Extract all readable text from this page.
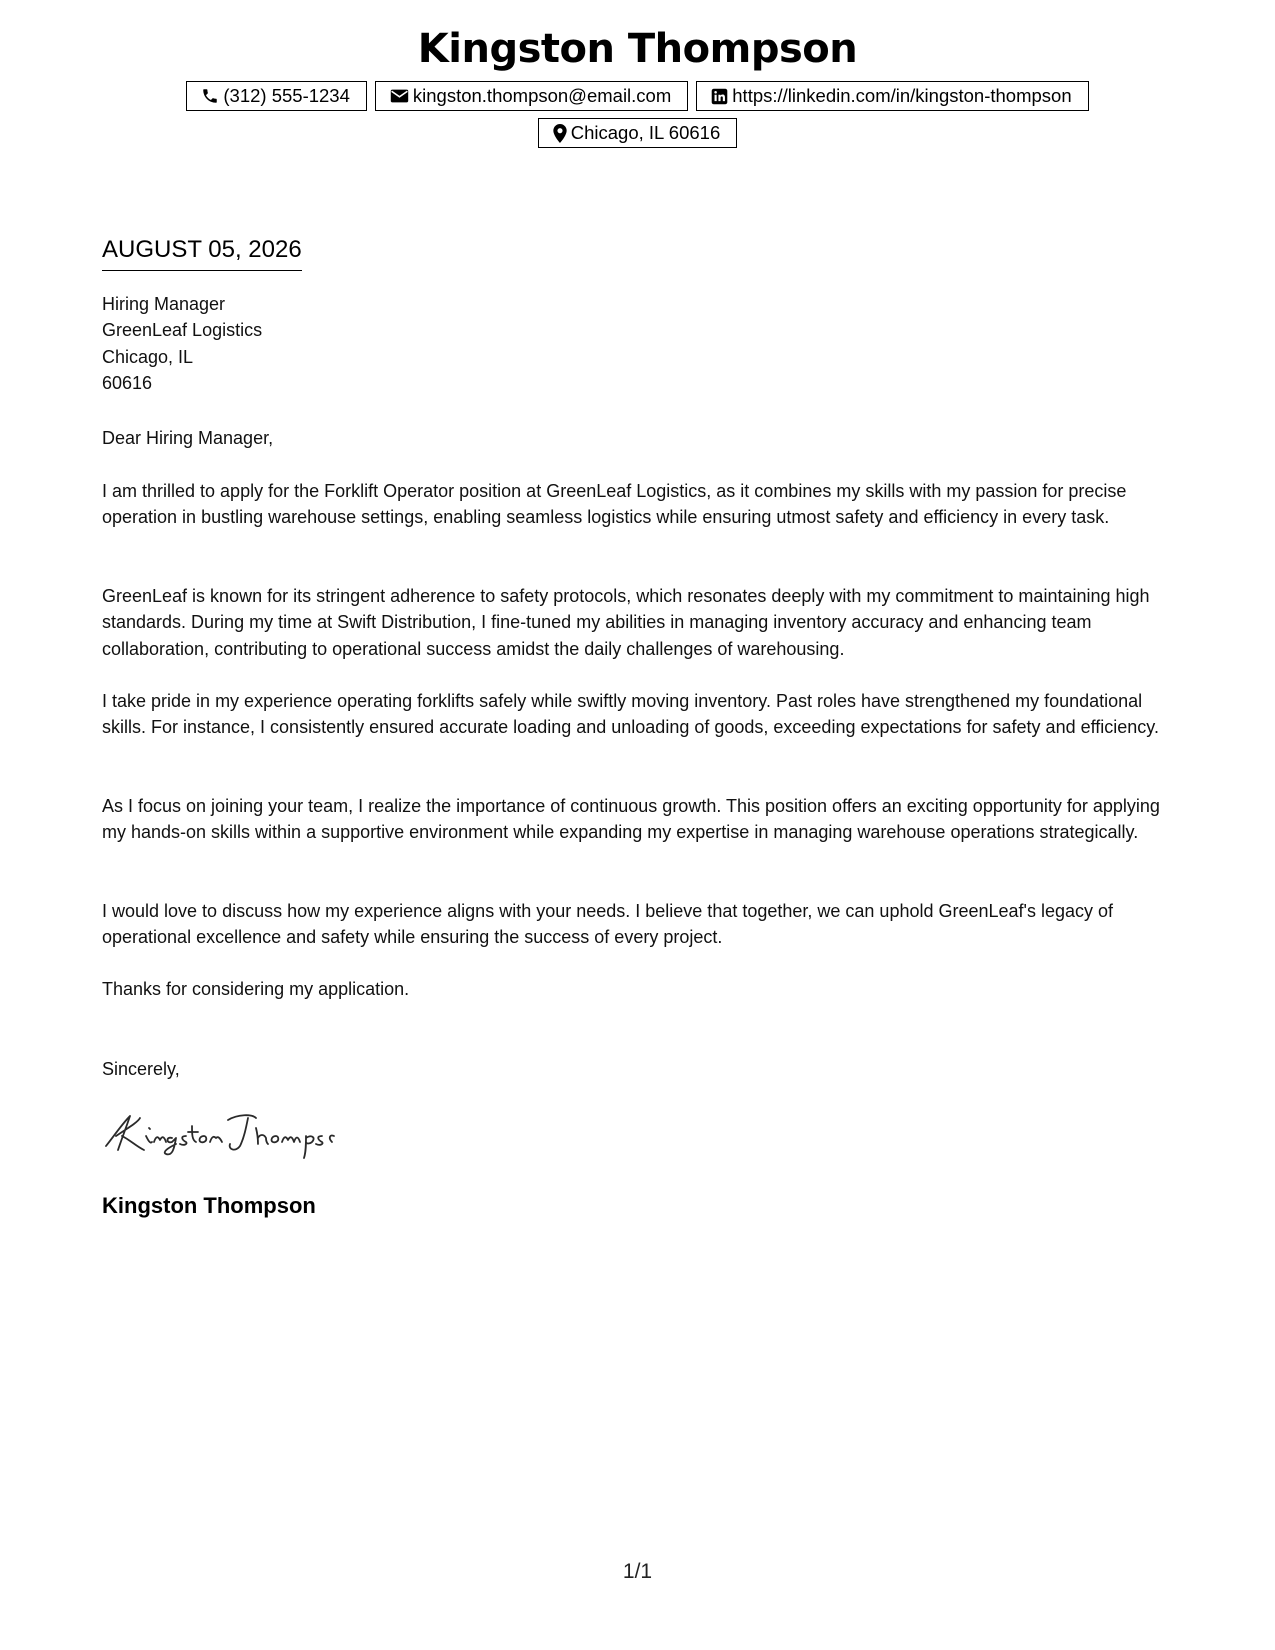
Kingston Thompson
(312) 555-1234	kingston.thompson@email.com	https://linkedin.com/in/kingston-thompson
Chicago, IL 60616
AUGUST 05, 2026
Hiring Manager
GreenLeaf Logistics
Chicago, IL
60616
Dear Hiring Manager,

I am thrilled to apply for the Forklift Operator position at GreenLeaf Logistics, as it combines my skills with my passion for precise operation in bustling warehouse settings, enabling seamless logistics while ensuring utmost safety and efficiency in every task.

GreenLeaf is known for its stringent adherence to safety protocols, which resonates deeply with my commitment to maintaining high standards. During my time at Swift Distribution, I fine-tuned my abilities in managing inventory accuracy and enhancing team collaboration, contributing to operational success amidst the daily challenges of warehousing.

I take pride in my experience operating forklifts safely while swiftly moving inventory. Past roles have strengthened my foundational skills. For instance, I consistently ensured accurate loading and unloading of goods, exceeding expectations for safety and efficiency.

As I focus on joining your team, I realize the importance of continuous growth. This position offers an exciting opportunity for applying my hands-on skills within a supportive environment while expanding my expertise in managing warehouse operations strategically.

I would love to discuss how my experience aligns with your needs. I believe that together, we can uphold GreenLeaf's legacy of operational excellence and safety while ensuring the success of every project.

Thanks for considering my application.
Sincerely,
Kingston Thompson
1/1
